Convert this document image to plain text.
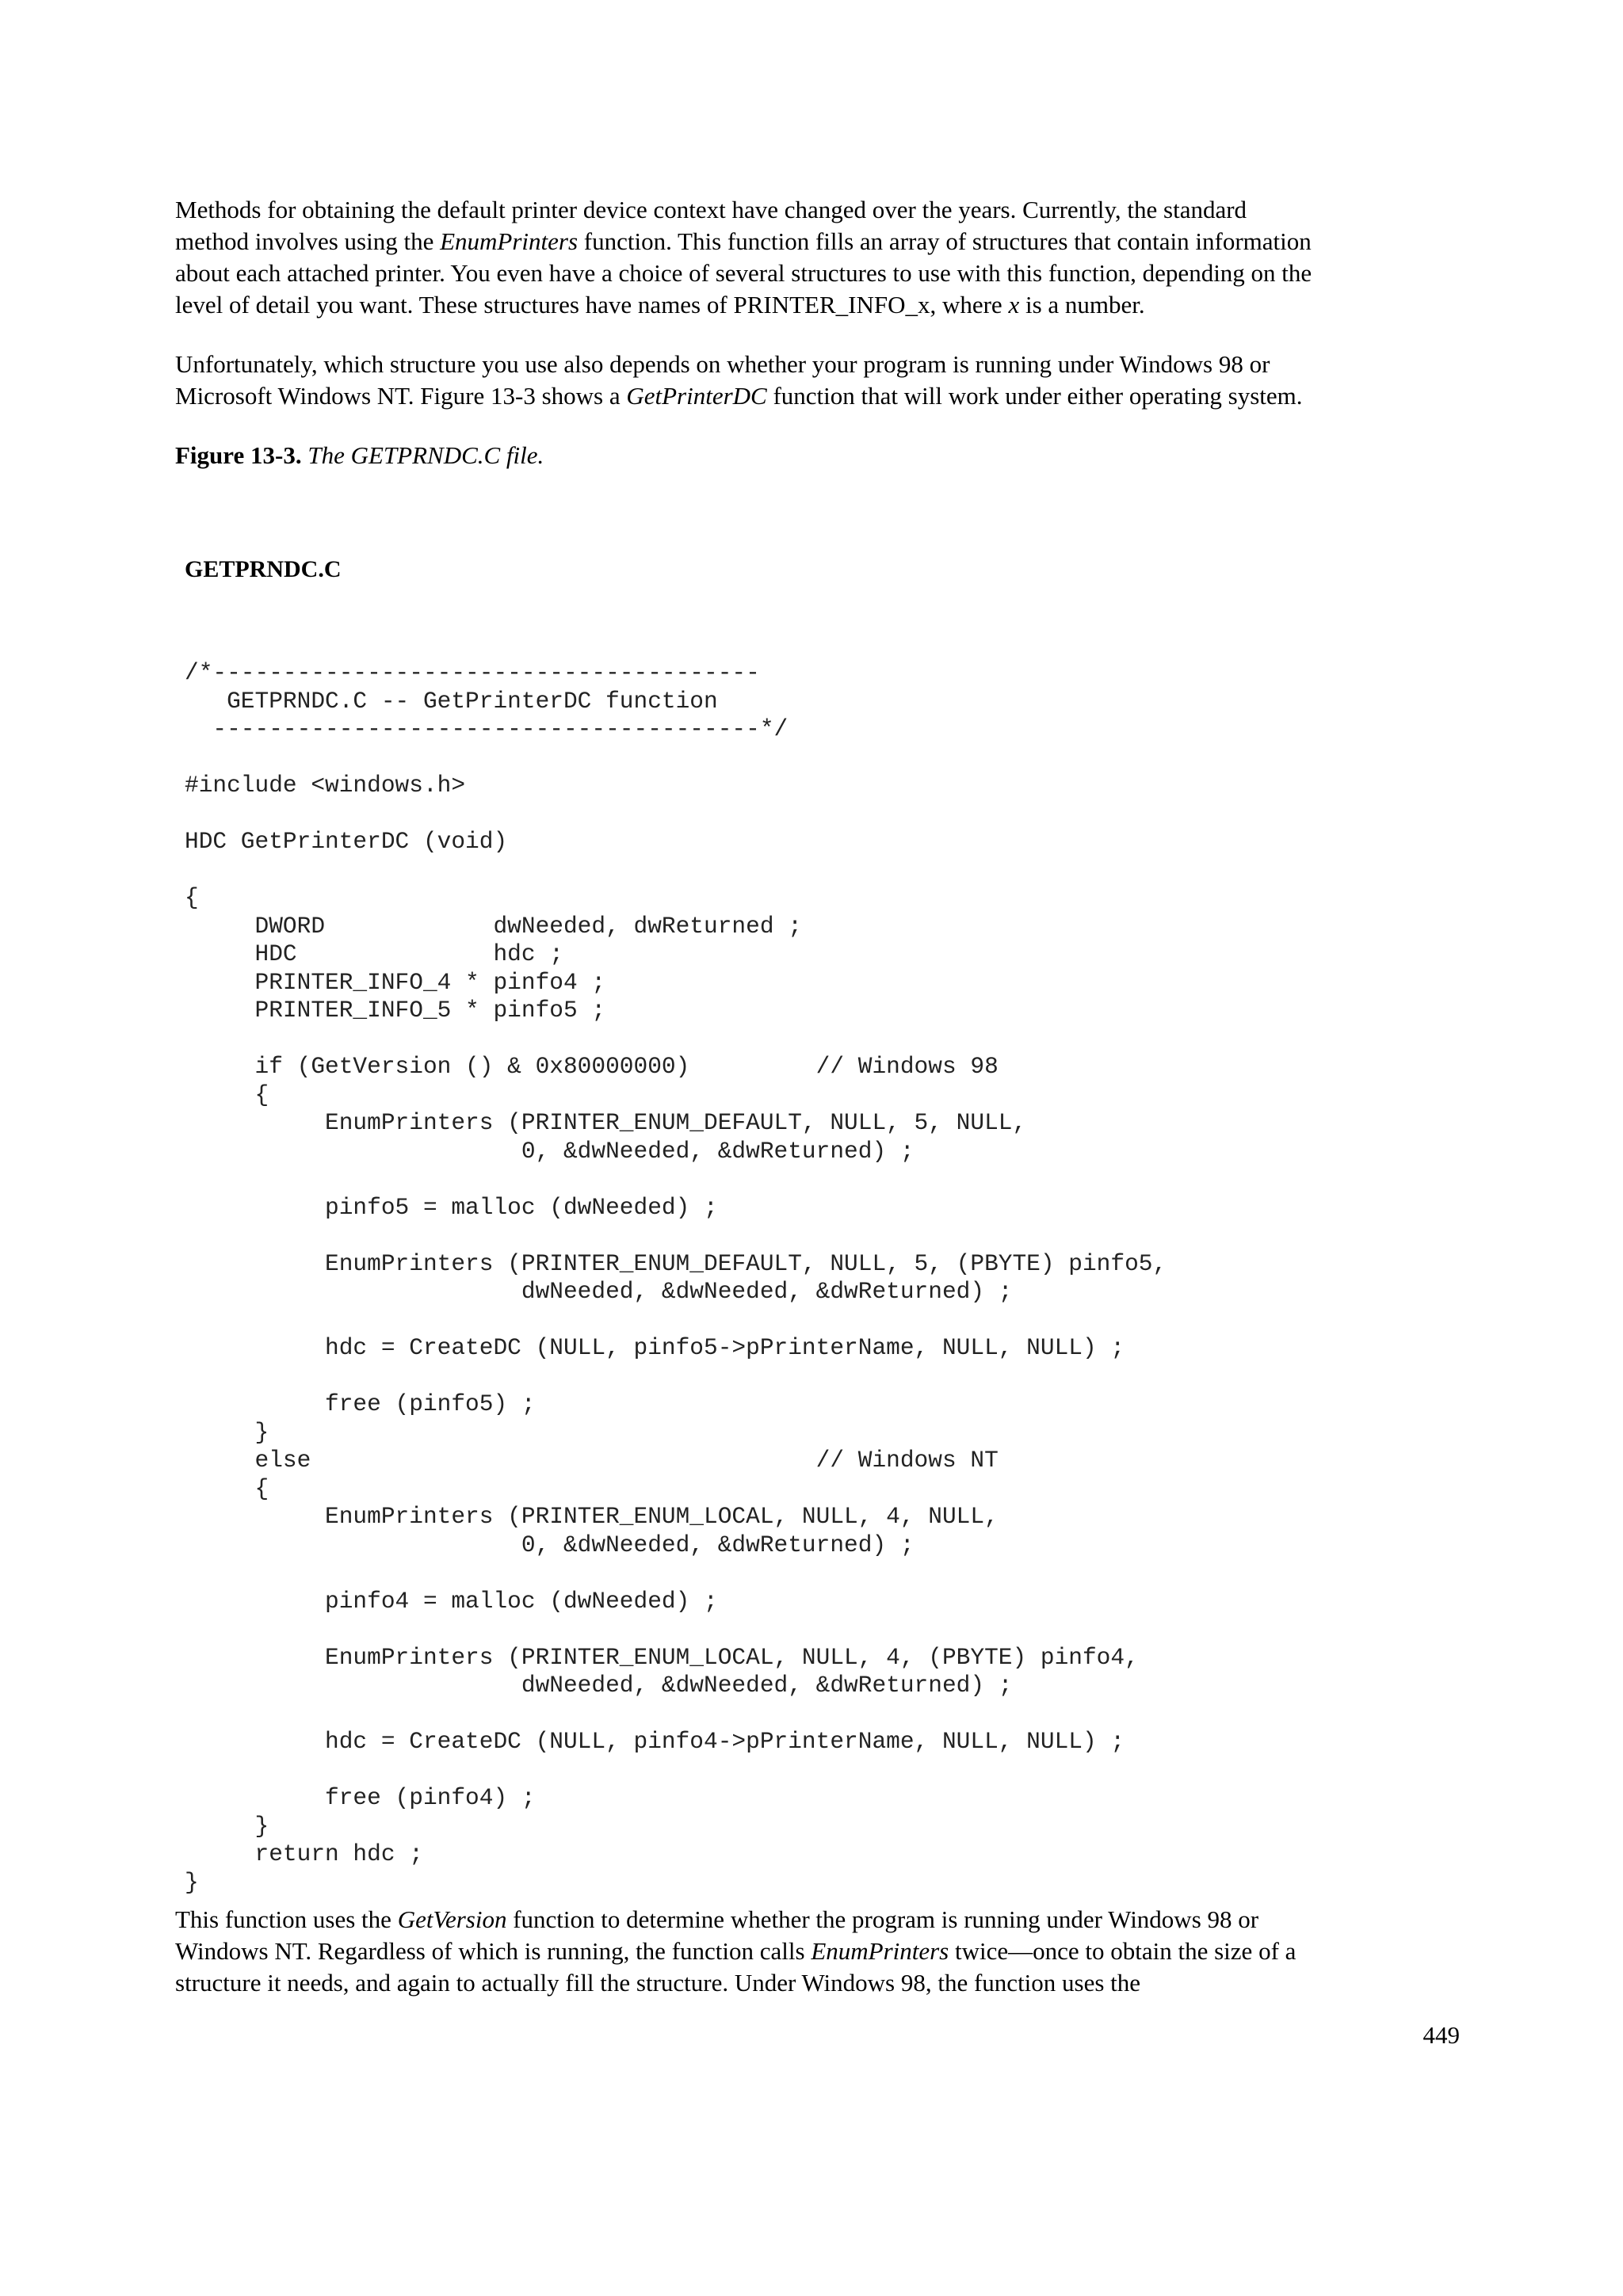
Methods for obtaining the default printer device context have changed over the years. Currently, the standard

method involves using the EnumPrinters function. This function fills an array of structures that contain information

about each attached printer. You even have a choice of several structures to use with this function, depending on the

level of detail you want. These structures have names of PRINTER_INFO_x, where x is a number.

Unfortunately, which structure you use also depends on whether your program is running under Windows 98 or

Microsoft Windows NT. Figure 13-3 shows a GetPrinterDC function that will work under either operating system.

Figure 13-3. The GETPRNDC.C file.
GETPRNDC.C
/*---------------------------------------
GETPRNDC.C -- GetPrinterDC function
---------------------------------------*/

#include <windows.h>

HDC GetPrinterDC (void)

{
DWORD            dwNeeded, dwReturned ;
HDC              hdc ;
PRINTER_INFO_4 * pinfo4 ;
PRINTER_INFO_5 * pinfo5 ;

if (GetVersion () & 0x80000000)         // Windows 98
{
EnumPrinters (PRINTER_ENUM_DEFAULT, NULL, 5, NULL,
0, &dwNeeded, &dwReturned) ;

pinfo5 = malloc (dwNeeded) ;

EnumPrinters (PRINTER_ENUM_DEFAULT, NULL, 5, (PBYTE) pinfo5,
dwNeeded, &dwNeeded, &dwReturned) ;

hdc = CreateDC (NULL, pinfo5->pPrinterName, NULL, NULL) ;

free (pinfo5) ;
}
else                                    // Windows NT
{
EnumPrinters (PRINTER_ENUM_LOCAL, NULL, 4, NULL,
0, &dwNeeded, &dwReturned) ;

pinfo4 = malloc (dwNeeded) ;

EnumPrinters (PRINTER_ENUM_LOCAL, NULL, 4, (PBYTE) pinfo4,
dwNeeded, &dwNeeded, &dwReturned) ;

hdc = CreateDC (NULL, pinfo4->pPrinterName, NULL, NULL) ;

free (pinfo4) ;
}
return hdc ;
}

This function uses the GetVersion function to determine whether the program is running under Windows 98 or

Windows NT. Regardless of which is running, the function calls EnumPrinters twice—once to obtain the size of a

structure it needs, and again to actually fill the structure. Under Windows 98, the function uses the

449
